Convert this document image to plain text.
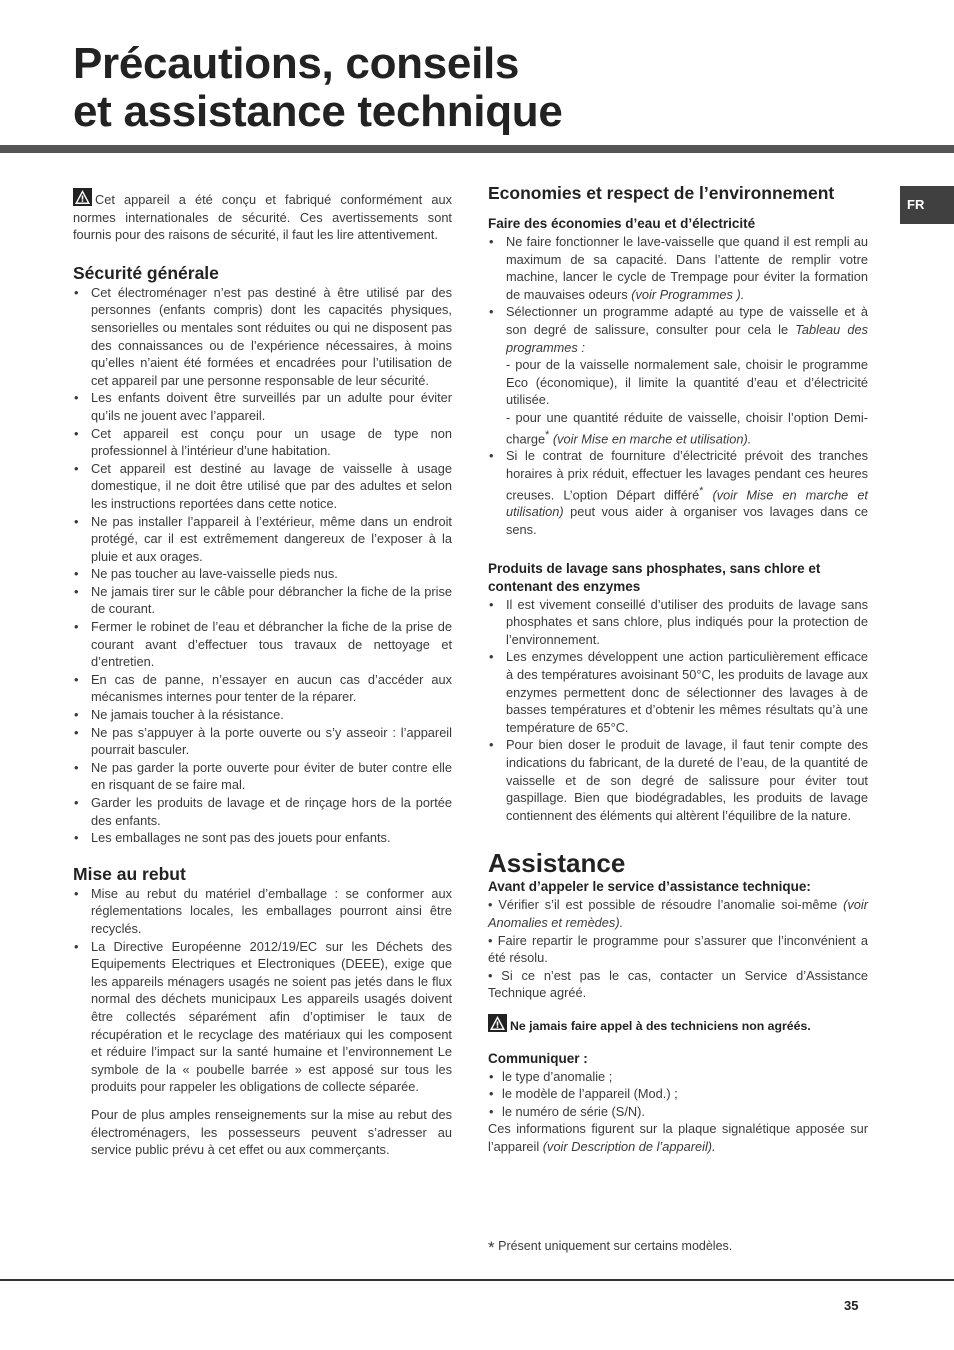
Précautions, conseils
et assistance technique
FR

Cet appareil a été conçu et fabriqué conformément aux normes internationales de sécurité. Ces avertissements sont fournis pour des raisons de sécurité, il faut les lire attentivement.

Sécurité générale
• Cet électroménager n’est pas destiné à être utilisé par des personnes (enfants compris) dont les capacités physiques, sensorielles ou mentales sont réduites ou qui ne disposent pas des connaissances ou de l’expérience nécessaires, à moins qu’elles n’aient été formées et encadrées pour l’utilisation de cet appareil par une personne responsable de leur sécurité.
• Les enfants doivent être surveillés par un adulte pour éviter qu’ils ne jouent avec l’appareil.
• Cet appareil est conçu pour un usage de type non professionnel à l’intérieur d’une habitation.
• Cet appareil est destiné au lavage de vaisselle à usage domestique, il ne doit être utilisé que par des adultes et selon les instructions reportées dans cette notice.
• Ne pas installer l’appareil à l’extérieur, même dans un endroit protégé, car il est extrêmement dangereux de l’exposer à la pluie et aux orages.
• Ne pas toucher au lave-vaisselle pieds nus.
• Ne jamais tirer sur le câble pour débrancher la fiche de la prise de courant.
• Fermer le robinet de l’eau et débrancher la fiche de la prise de courant avant d’effectuer tous travaux de nettoyage et d’entretien.
• En cas de panne, n’essayer en aucun cas d’accéder aux mécanismes internes pour tenter de la réparer.
• Ne jamais toucher à la résistance.
• Ne pas s’appuyer à la porte ouverte ou s’y asseoir : l’appareil pourrait basculer.
• Ne pas garder la porte ouverte pour éviter de buter contre elle en risquant de se faire mal.
• Garder les produits de lavage et de rinçage hors de la portée des enfants.
• Les emballages ne sont pas des jouets pour enfants.
Mise au rebut
• Mise au rebut du matériel d’emballage : se conformer aux réglementations locales, les emballages pourront ainsi être recyclés.
• La Directive Européenne 2012/19/EC sur les Déchets des Equipements Electriques et Electroniques (DEEE), exige que les appareils ménagers usagés ne soient pas jetés dans le flux normal des déchets municipaux Les appareils usagés doivent être collectés séparément afin d’optimiser le taux de récupération et le recyclage des matériaux qui les composent et réduire l’impact sur la santé humaine et l’environnement Le symbole de la « poubelle barrée » est apposé sur tous les produits pour rappeler les obligations de collecte séparée.

Pour de plus amples renseignements sur la mise au rebut des électroménagers, les possesseurs peuvent s’adresser au service public prévu à cet effet ou aux commerçants.

Economies et respect de l’environnement
Faire des économies d’eau et d’électricité
• Ne faire fonctionner le lave-vaisselle que quand il est rempli au maximum de sa capacité. Dans l’attente de remplir votre machine, lancer le cycle de Trempage pour éviter la formation de mauvaises odeurs (voir Programmes ).
• Sélectionner un programme adapté au type de vaisselle et à son degré de salissure, consulter pour cela le Tableau des programmes :
- pour de la vaisselle normalement sale, choisir le programme Eco (économique), il limite la quantité d’eau et d’électricité utilisée.
- pour une quantité réduite de vaisselle, choisir l’option Demi-charge* (voir Mise en marche et utilisation).
• Si le contrat de fourniture d’électricité prévoit des tranches horaires à prix réduit, effectuer les lavages pendant ces heures creuses. L’option Départ différé* (voir Mise en marche et utilisation) peut vous aider à organiser vos lavages dans ce sens.
Produits de lavage sans phosphates, sans chlore et contenant des enzymes
• Il est vivement conseillé d’utiliser des produits de lavage sans phosphates et sans chlore, plus indiqués pour la protection de l’environnement.
• Les enzymes développent une action particulièrement efficace à des températures avoisinant 50°C, les produits de lavage aux enzymes permettent donc de sélectionner des lavages à de basses températures et d’obtenir les mêmes résultats qu’à une température de 65°C.
• Pour bien doser le produit de lavage, il faut tenir compte des indications du fabricant, de la dureté de l’eau, de la quantité de vaisselle et de son degré de salissure pour éviter tout gaspillage. Bien que biodégradables, les produits de lavage contiennent des éléments qui altèrent l’équilibre de la nature.
Assistance
Avant d’appeler le service d’assistance technique:

• Vérifier s’il est possible de résoudre l’anomalie soi-même (voir Anomalies et remèdes).

• Faire repartir le programme pour s’assurer que l’inconvénient a été résolu.

• Si ce n’est pas le cas, contacter un Service d’Assistance Technique agréé.

Ne jamais faire appel à des techniciens non agréés.

Communiquer :
• le type d’anomalie ;
• le modèle de l’appareil (Mod.) ;
• le numéro de série (S/N).

Ces informations figurent sur la plaque signalétique apposée sur l’appareil (voir Description de l’appareil).

* Présent uniquement sur certains modèles.
35
